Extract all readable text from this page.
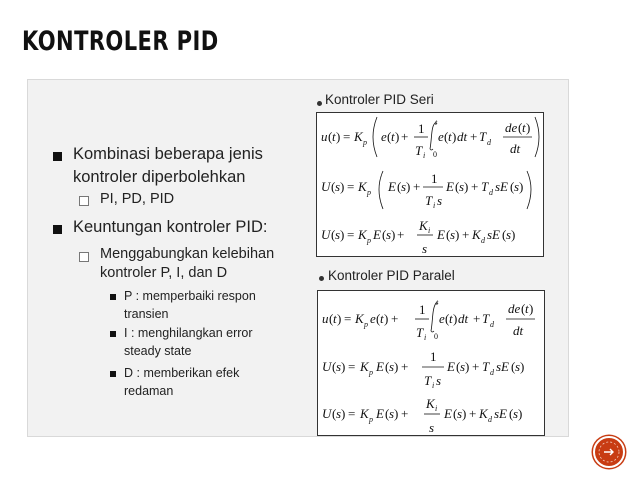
KONTROLER PID
Kombinasi beberapa jenis
kontroler diperbolehkan
PI, PD, PID
Keuntungan kontroler PID:
Menggabungkan kelebihan
kontroler P, I, dan D
P : memperbaiki respon
transien
I : menghilangkan error
steady state
D : memberikan efek
redaman
Kontroler PID Seri
u ( t ) = K p e ( t ) +
1
T i
t
0
e ( t ) dt + T d
de ( t )
dt
U ( s ) = K p E ( s ) +
1
T i s
E ( s ) + T d sE ( s )
U ( s ) = K p E ( s ) +
K i
s
E ( s ) + K d sE ( s )
Kontroler PID Paralel
u ( t ) = K p e ( t ) +
1
T i
t
0
e ( t ) dt + T d
de ( t )
dt
U ( s ) = K p E ( s ) +
1
T i s
E ( s ) + T d sE ( s )
U ( s ) = K p E ( s ) +
K i
s
E ( s ) + K d sE ( s )
